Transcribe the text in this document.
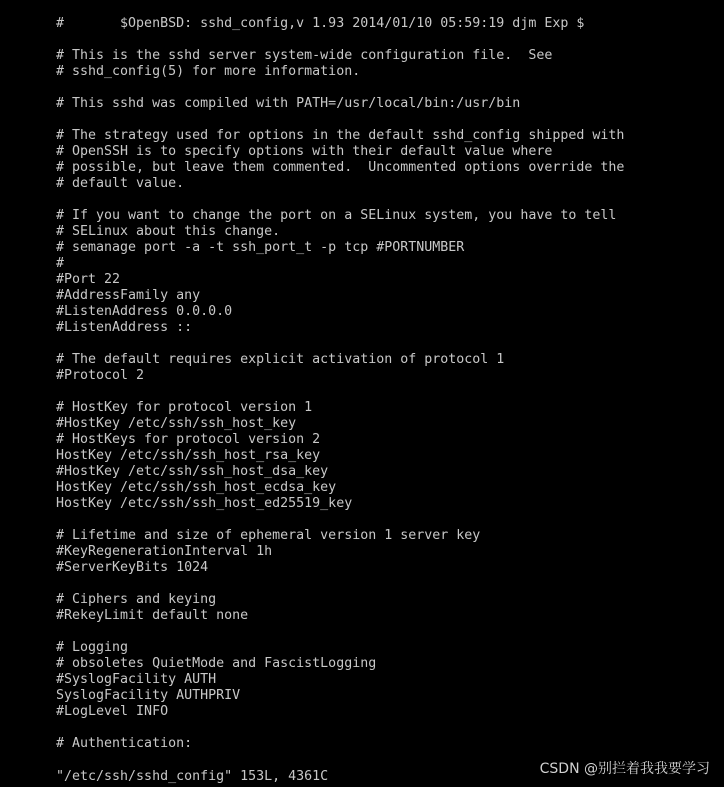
#       $OpenBSD: sshd_config,v 1.93 2014/01/10 05:59:19 djm Exp $
# This is the sshd server system-wide configuration file.  See
# sshd_config(5) for more information.
# This sshd was compiled with PATH=/usr/local/bin:/usr/bin
# The strategy used for options in the default sshd_config shipped with
# OpenSSH is to specify options with their default value where
# possible, but leave them commented.  Uncommented options override the
# default value.
# If you want to change the port on a SELinux system, you have to tell
# SELinux about this change.
# semanage port -a -t ssh_port_t -p tcp #PORTNUMBER
#
#Port 22
#AddressFamily any
#ListenAddress 0.0.0.0
#ListenAddress ::
# The default requires explicit activation of protocol 1
#Protocol 2
# HostKey for protocol version 1
#HostKey /etc/ssh/ssh_host_key
# HostKeys for protocol version 2
HostKey /etc/ssh/ssh_host_rsa_key
#HostKey /etc/ssh/ssh_host_dsa_key
HostKey /etc/ssh/ssh_host_ecdsa_key
HostKey /etc/ssh/ssh_host_ed25519_key
# Lifetime and size of ephemeral version 1 server key
#KeyRegenerationInterval 1h
#ServerKeyBits 1024
# Ciphers and keying
#RekeyLimit default none
# Logging
# obsoletes QuietMode and FascistLogging
#SyslogFacility AUTH
SyslogFacility AUTHPRIV
#LogLevel INFO
# Authentication:
"/etc/ssh/sshd_config" 153L, 4361C	CSDN @别拦着我我要学习
